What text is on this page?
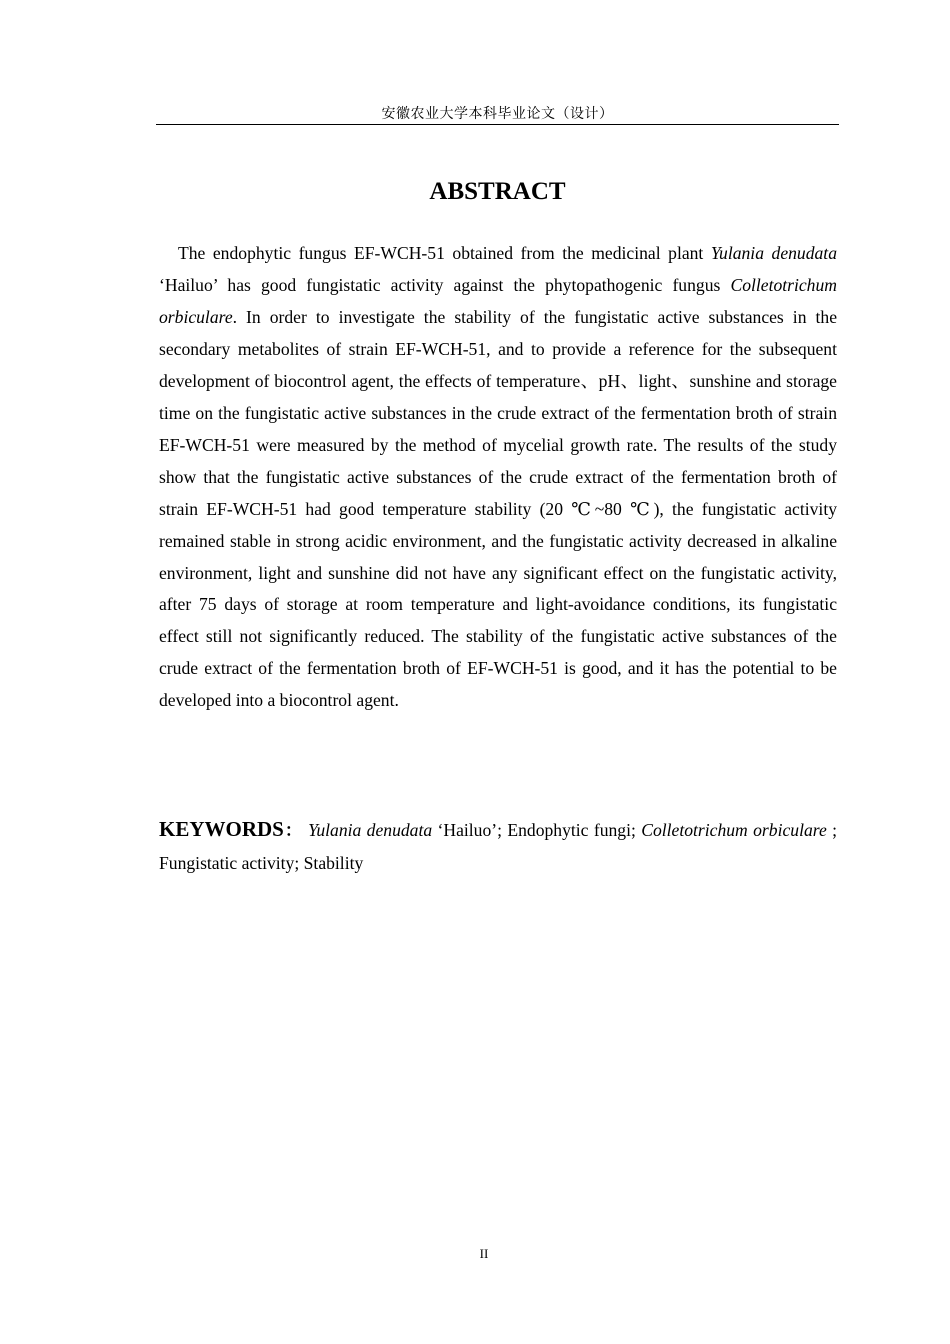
安徽农业大学本科毕业论文（设计）
ABSTRACT

The endophytic fungus EF-WCH-51 obtained from the medicinal plant Yulania denudata ‘Hailuo’ has good fungistatic activity against the phytopathogenic fungus Colletotrichum orbiculare. In order to investigate the stability of the fungistatic active substances in the secondary metabolites of strain EF-WCH-51, and to provide a reference for the subsequent development of biocontrol agent, the effects of temperature、pH、light、sunshine and storage time on the fungistatic active substances in the crude extract of the fermentation broth of strain EF-WCH-51 were measured by the method of mycelial growth rate. The results of the study show that the fungistatic active substances of the crude extract of the fermentation broth of strain EF-WCH-51 had good temperature stability (20 ℃~80 ℃), the fungistatic activity remained stable in strong acidic environment, and the fungistatic activity decreased in alkaline environment, light and sunshine did not have any significant effect on the fungistatic activity, after 75 days of storage at room temperature and light-avoidance conditions, its fungistatic effect still not significantly reduced. The stability of the fungistatic active substances of the crude extract of the fermentation broth of EF-WCH-51 is good, and it has the potential to be developed into a biocontrol agent.

KEYWORDS： Yulania denudata ‘Hailuo’; Endophytic fungi; Colletotrichum orbiculare ; Fungistatic activity; Stability

II
